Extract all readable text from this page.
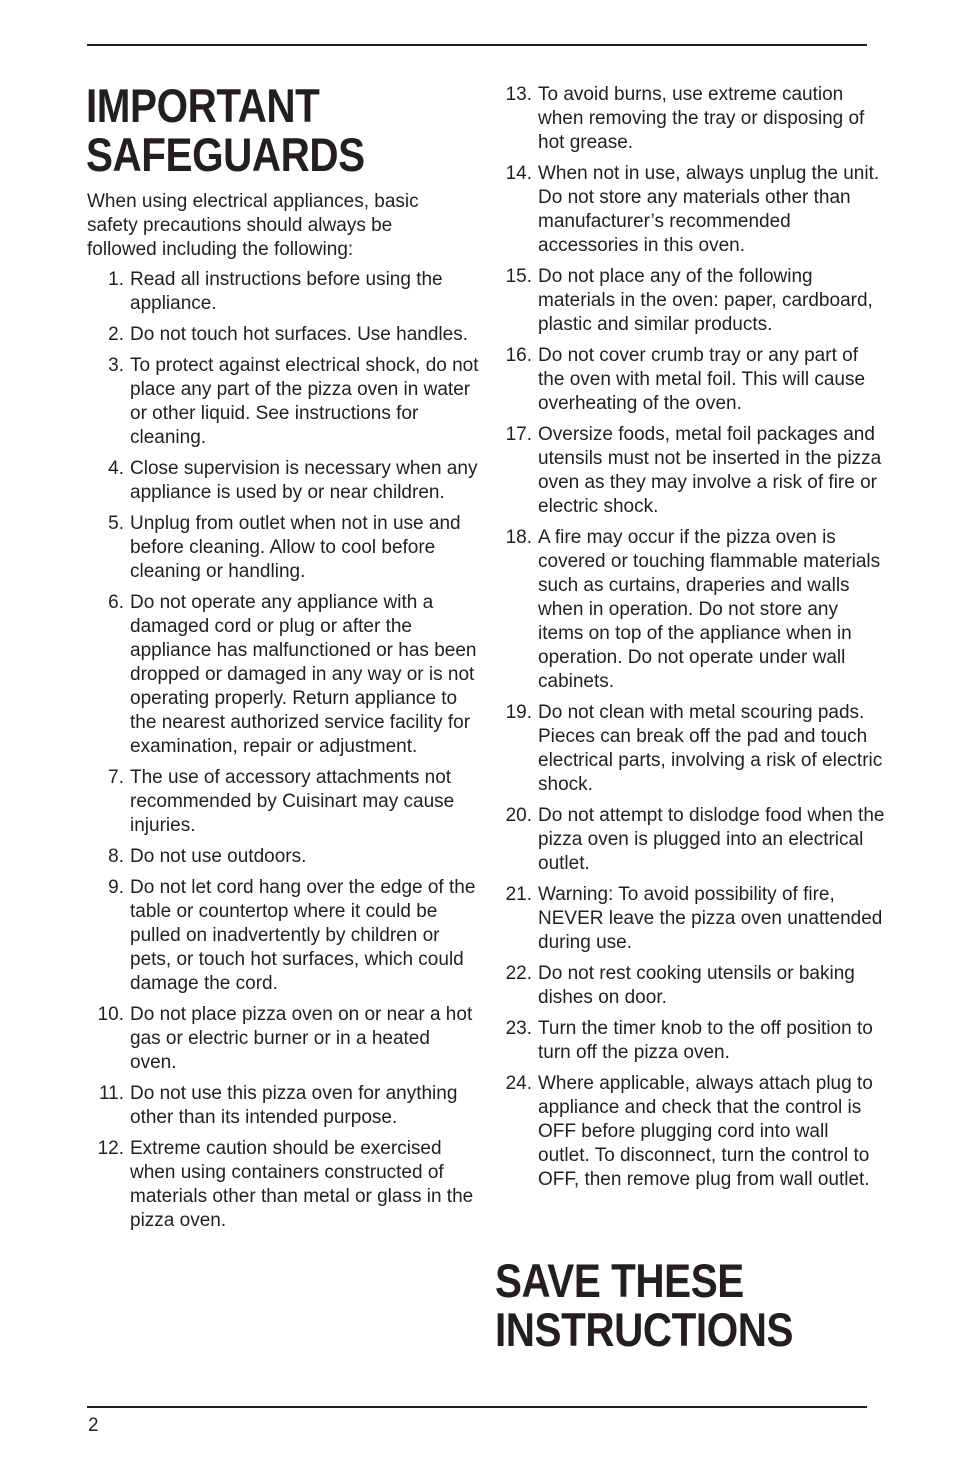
IMPORTANT
SAFEGUARDS

When using electrical appliances, basic safety precautions should always be followed including the following:

1. Read all instructions before using the appliance.
2. Do not touch hot surfaces. Use handles.
3. To protect against electrical shock, do not place any part of the pizza oven in water or other liquid. See instructions for cleaning.
4. Close supervision is necessary when any appliance is used by or near children.
5. Unplug from outlet when not in use and before cleaning. Allow to cool before cleaning or handling.
6. Do not operate any appliance with a damaged cord or plug or after the appliance has malfunctioned or has been dropped or damaged in any way or is not operating properly. Return appliance to the nearest authorized service facility for examination, repair or adjustment.
7. The use of accessory attachments not recommended by Cuisinart may cause injuries.
8. Do not use outdoors.
9. Do not let cord hang over the edge of the table or countertop where it could be pulled on inadvertently by children or pets, or touch hot surfaces, which could damage the cord.
10. Do not place pizza oven on or near a hot gas or electric burner or in a heated oven.
11. Do not use this pizza oven for anything other than its intended purpose.
12. Extreme caution should be exercised when using containers constructed of materials other than metal or glass in the pizza oven.
13. To avoid burns, use extreme caution when removing the tray or disposing of hot grease.
14. When not in use, always unplug the unit. Do not store any materials other than manufacturer’s recommended accessories in this oven.
15. Do not place any of the following materials in the oven: paper, cardboard, plastic and similar products.
16. Do not cover crumb tray or any part of the oven with metal foil. This will cause overheating of the oven.
17. Oversize foods, metal foil packages and utensils must not be inserted in the pizza oven as they may involve a risk of fire or electric shock.
18. A fire may occur if the pizza oven is covered or touching flammable materials such as curtains, draperies and walls when in operation. Do not store any items on top of the appliance when in operation. Do not operate under wall cabinets.
19. Do not clean with metal scouring pads. Pieces can break off the pad and touch electrical parts, involving a risk of electric shock.
20. Do not attempt to dislodge food when the pizza oven is plugged into an electrical outlet.
21. Warning: To avoid possibility of fire, NEVER leave the pizza oven unattended during use.
22. Do not rest cooking utensils or baking dishes on door.
23. Turn the timer knob to the off position to turn off the pizza oven.
24. Where applicable, always attach plug to appliance and check that the control is OFF before plugging cord into wall outlet. To disconnect, turn the control to OFF, then remove plug from wall outlet.
SAVE THESE
INSTRUCTIONS
2
